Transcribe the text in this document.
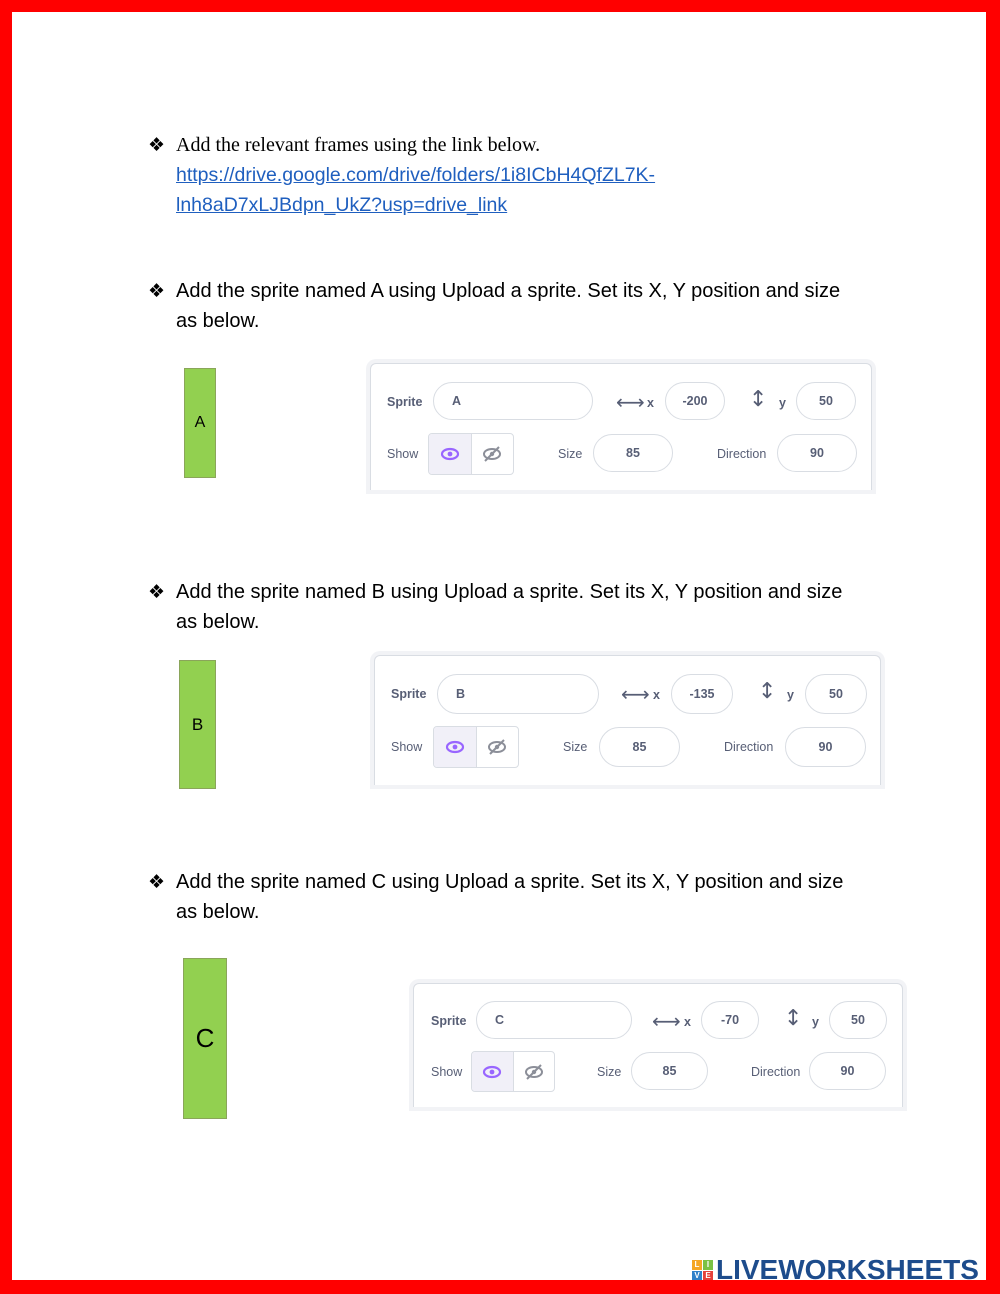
❖ Add the relevant frames using the link below.
https://drive.google.com/drive/folders/1i8ICbH4QfZL7K-
lnh8aD7xLJBdpn_UkZ?usp=drive_link
❖ Add the sprite named A using Upload a sprite. Set its X, Y position and size
as below.
A
Sprite A	⟷ x -200 ↕ y	50
Show	Size	85	Direction	90
❖ Add the sprite named B using Upload a sprite. Set its X, Y position and size
as below.
B
Sprite B	⟷ x -135 ↕ y	50
Show	Size	85	Direction	90
❖ Add the sprite named C using Upload a sprite. Set its X, Y position and size
as below.
C
Sprite C	⟷ x -70 ↕ y	50
Show	Size	85	Direction	90
L I
V E LIVEWORKSHEETS
